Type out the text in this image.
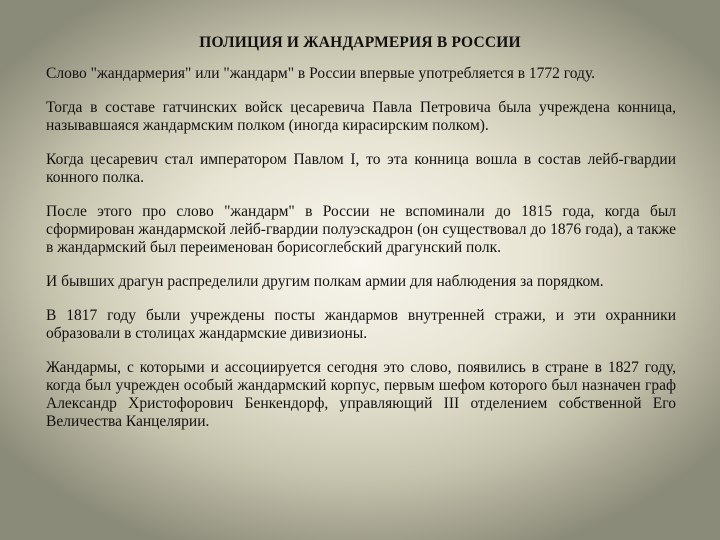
ПОЛИЦИЯ И ЖАНДАРМЕРИЯ В РОССИИ

Слово "жандармерия" или "жандарм" в России впервые употребляется в 1772 году.

Тогда в составе гатчинских войск цесаревича Павла Петровича была учреждена конница, называвшаяся жандармским полком (иногда кирасирским полком).

Когда цесаревич стал императором Павлом I, то эта конница вошла в состав лейб-гвардии конного полка.

После этого про слово "жандарм" в России не вспоминали до 1815 года, когда был сформирован жандармской лейб-гвардии полуэскадрон (он существовал до 1876 года), а также в жандармский был переименован борисоглебский драгунский полк.

И бывших драгун распределили другим полкам армии для наблюдения за порядком.

В 1817 году были учреждены посты жандармов внутренней стражи, и эти охранники образовали в столицах жандармские дивизионы.

Жандармы, с которыми и ассоциируется сегодня это слово, появились в стране в 1827 году, когда был учрежден особый жандармский корпус, первым шефом которого был назначен граф Александр Христофорович Бенкендорф, управляющий III отделением собственной Его Величества Канцелярии.
